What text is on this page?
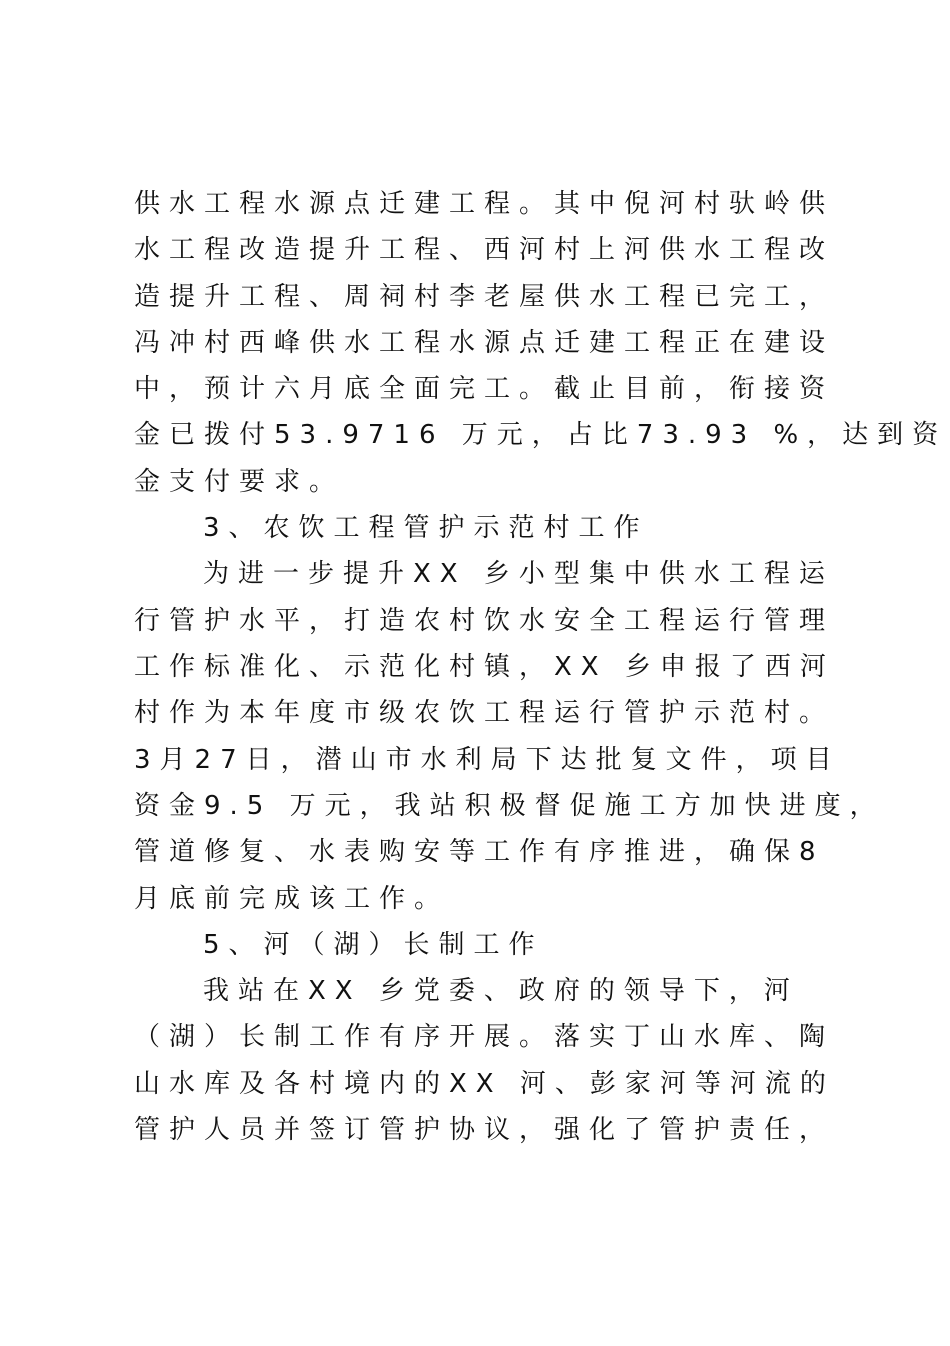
供水工程水源点迁建工程。其中倪河村驮岭供
水工程改造提升工程、西河村上河供水工程改
造提升工程、周祠村李老屋供水工程已完工，
冯冲村西峰供水工程水源点迁建工程正在建设
中，预计六月底全面完工。截止目前，衔接资
金已拨付53.9716 万元，占比73.93 %，达到资
金支付要求。
3、农饮工程管护示范村工作
为进一步提升XX 乡小型集中供水工程运
行管护水平，打造农村饮水安全工程运行管理
工作标准化、示范化村镇，XX 乡申报了西河
村作为本年度市级农饮工程运行管护示范村。
3月27日，潜山市水利局下达批复文件，项目
资金9.5 万元，我站积极督促施工方加快进度，
管道修复、水表购安等工作有序推进，确保8
月底前完成该工作。
5、河（湖）长制工作
我站在XX 乡党委、政府的领导下，河
（湖）长制工作有序开展。落实丁山水库、陶
山水库及各村境内的XX 河、彭家河等河流的
管护人员并签订管护协议，强化了管护责任，
